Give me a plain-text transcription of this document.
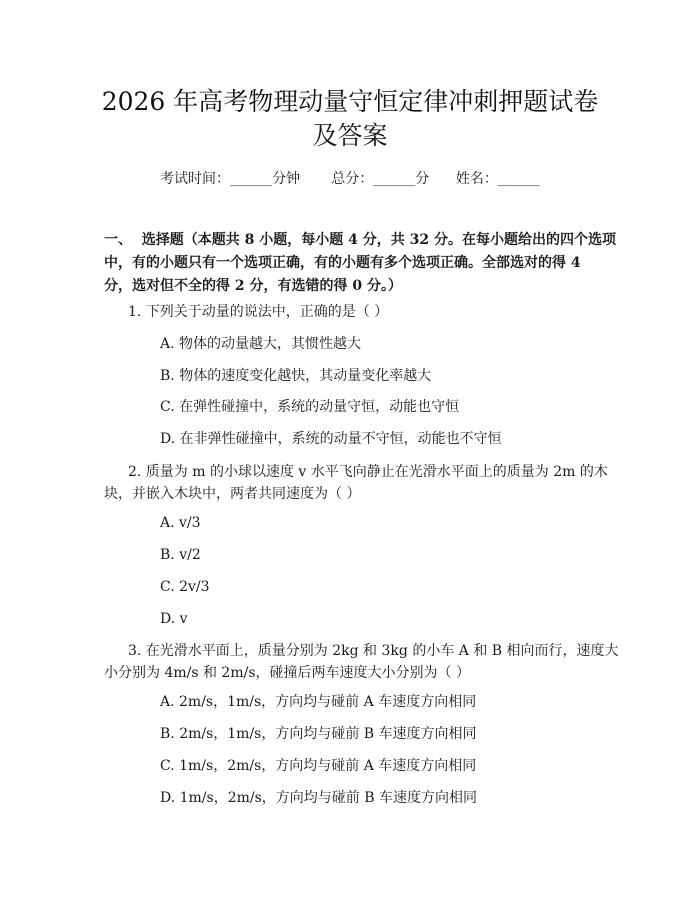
2026 年高考物理动量守恒定律冲刺押题试卷
及答案
考试时间：______分钟 总分：______分 姓名：______
一、  选择题（本题共 8 小题，每小题 4 分，共 32 分。在每小题给出的四个选项
中，有的小题只有一个选项正确，有的小题有多个选项正确。全部选对的得 4
分，选对但不全的得 2 分，有选错的得 0 分。）
1. 下列关于动量的说法中，正确的是（ ）
A. 物体的动量越大，其惯性越大
B. 物体的速度变化越快，其动量变化率越大
C. 在弹性碰撞中，系统的动量守恒，动能也守恒
D. 在非弹性碰撞中，系统的动量不守恒，动能也不守恒
2. 质量为 m 的小球以速度 v 水平飞向静止在光滑水平面上的质量为 2m 的木
块，并嵌入木块中，两者共同速度为（ ）
A. v/3
B. v/2
C. 2v/3
D. v
3. 在光滑水平面上，质量分别为 2kg 和 3kg 的小车 A 和 B 相向而行，速度大
小分别为 4m/s 和 2m/s，碰撞后两车速度大小分别为（ ）
A. 2m/s，1m/s，方向均与碰前 A 车速度方向相同
B. 2m/s，1m/s，方向均与碰前 B 车速度方向相同
C. 1m/s，2m/s，方向均与碰前 A 车速度方向相同
D. 1m/s，2m/s，方向均与碰前 B 车速度方向相同
